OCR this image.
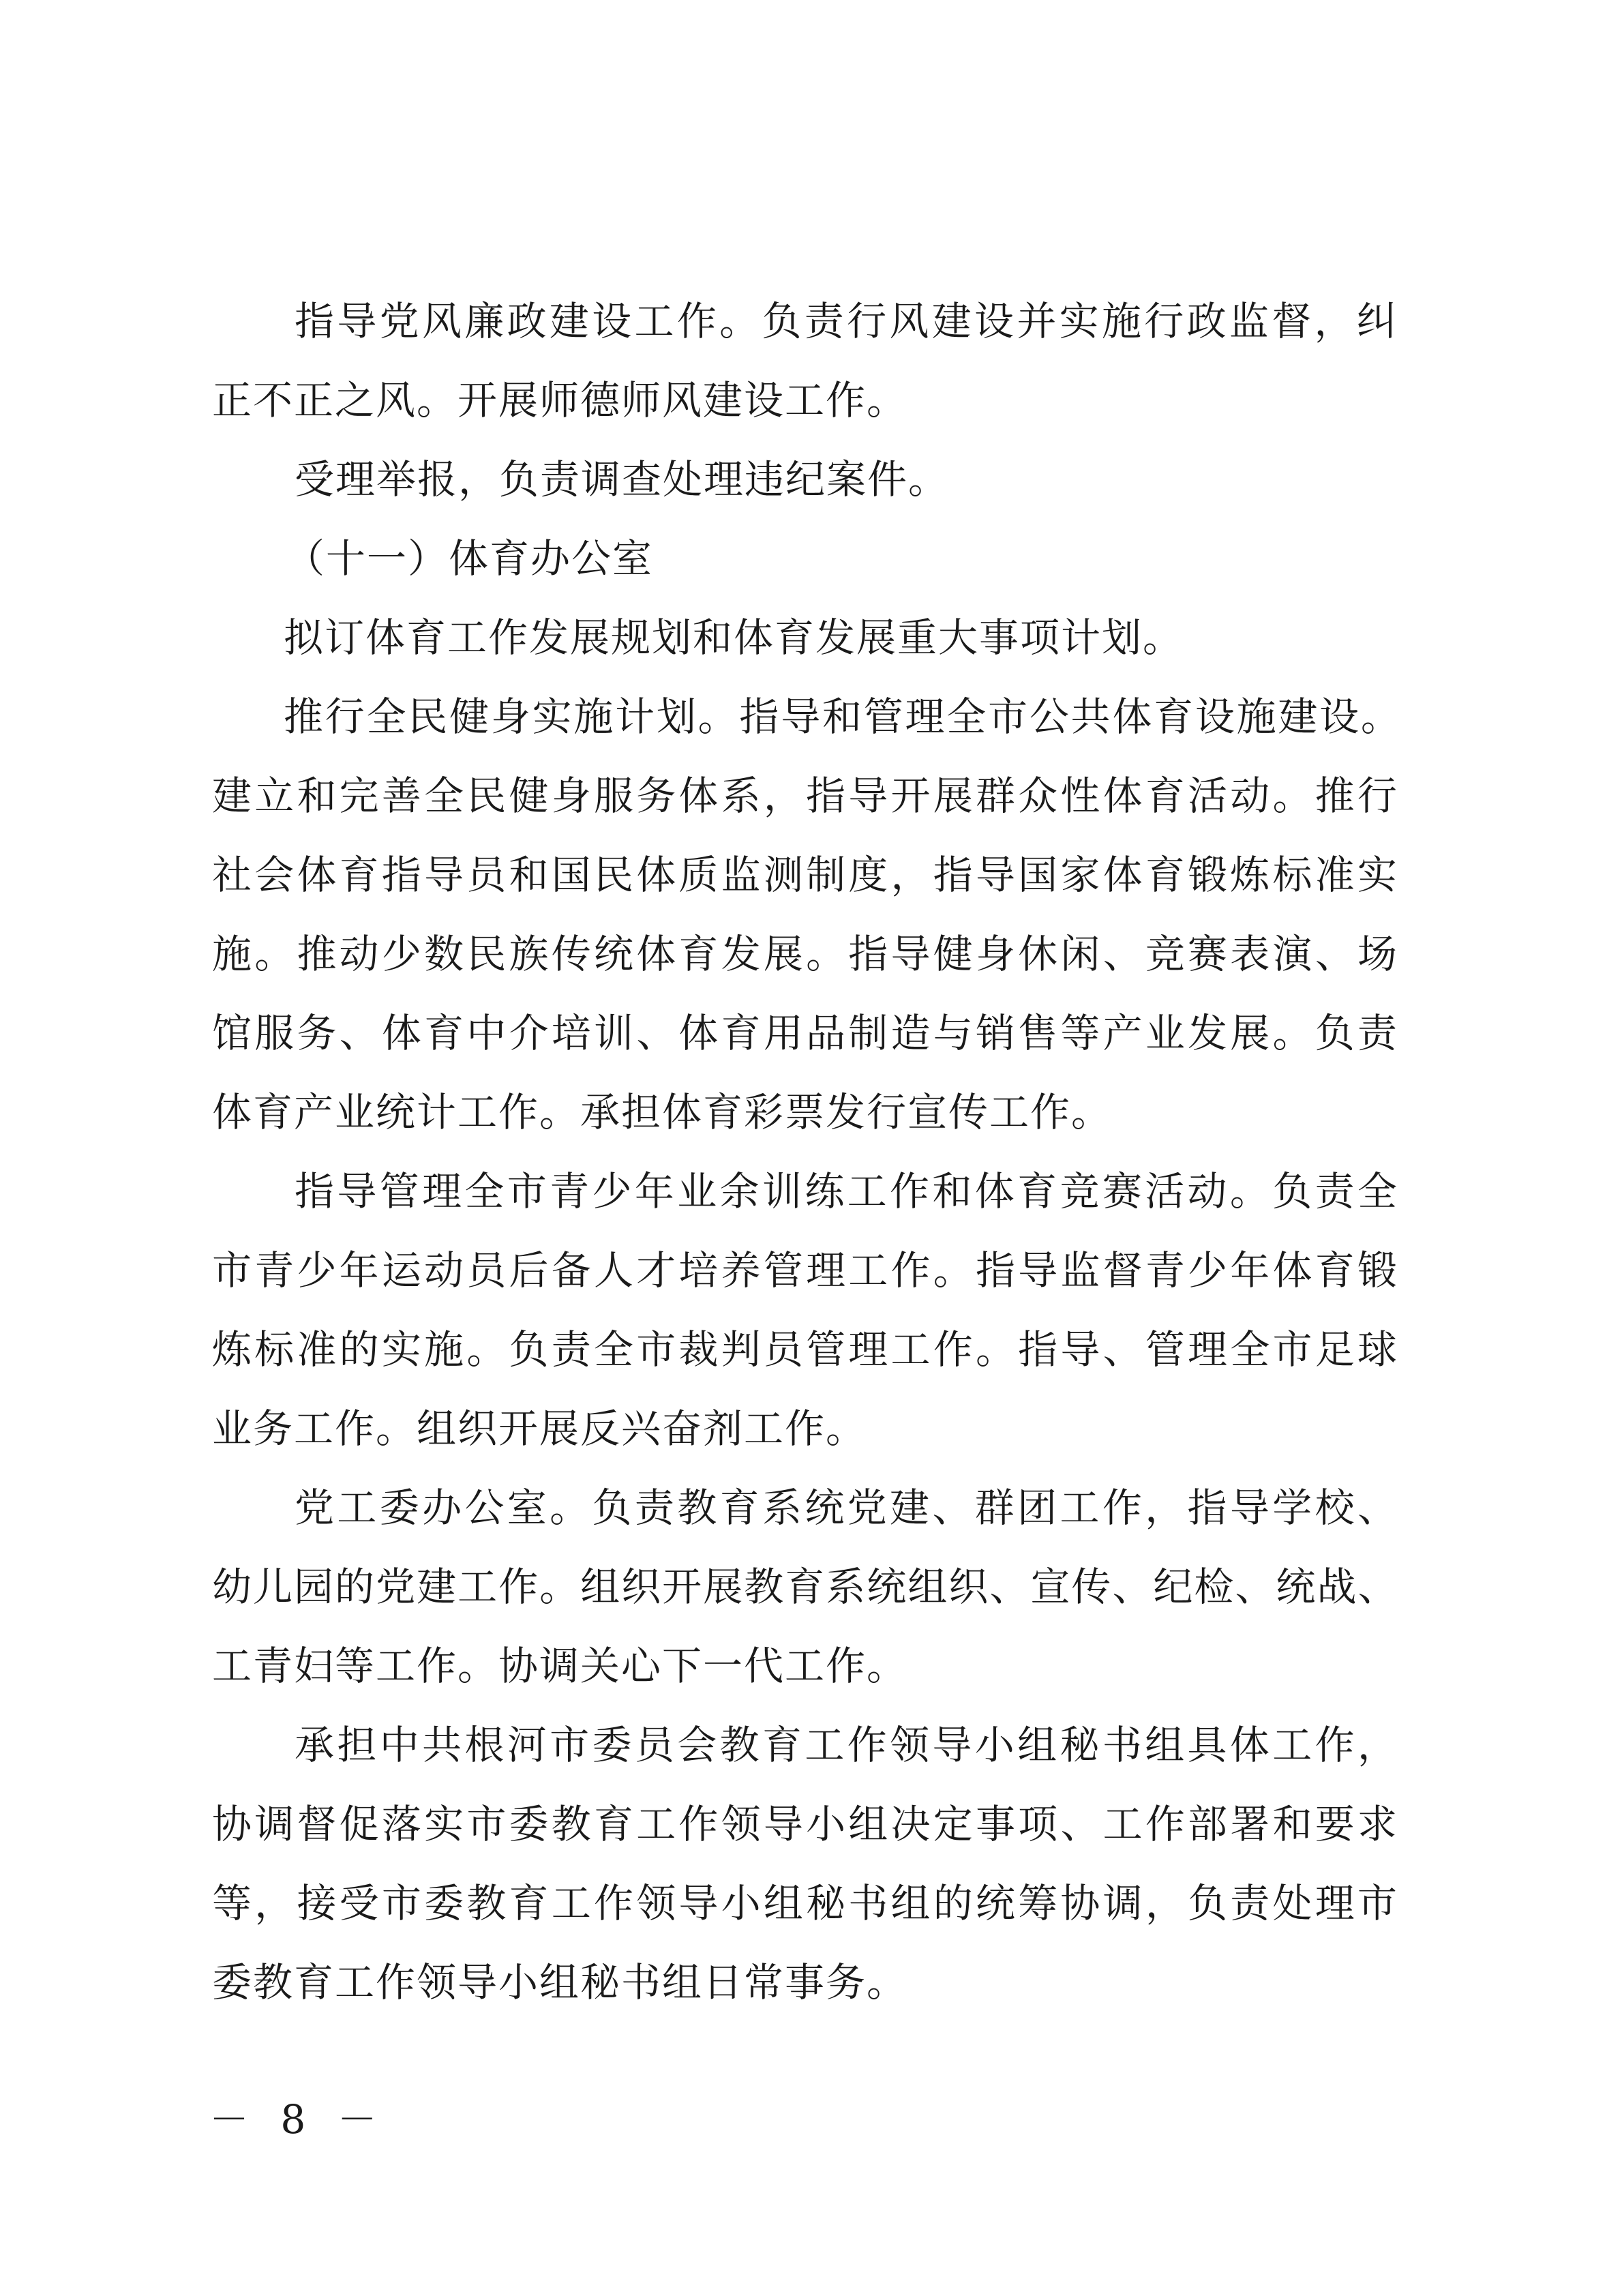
指 导 党 风 廉 政 建 设 工 作 。 负 责 行 风 建 设 并 实 施 行 政 监 督 ， 纠

正不正之风。开展师德师风建设工作。

受理举报，负责调查处理违纪案件。

（十一）体育办公室

拟订体育工作发展规划和体育发展重大事项计划。

推 行 全 民 健 身 实 施 计 划 。 指 导 和 管 理 全 市 公 共 体 育 设 施 建 设 。

建 立 和 完 善 全 民 健 身 服 务 体 系 ， 指 导 开 展 群 众 性 体 育 活 动 。 推 行

社 会 体 育 指 导 员 和 国 民 体 质 监 测 制 度 ， 指 导 国 家 体 育 锻 炼 标 准 实

施 。 推 动 少 数 民 族 传 统 体 育 发 展 。 指 导 健 身 休 闲 、 竞 赛 表 演 、 场

馆 服 务 、 体 育 中 介 培 训 、 体 育 用 品 制 造 与 销 售 等 产 业 发 展 。 负 责

体育产业统计工作。承担体育彩票发行宣传工作。

指 导 管 理 全 市 青 少 年 业 余 训 练 工 作 和 体 育 竞 赛 活 动 。 负 责 全

市 青 少 年 运 动 员 后 备 人 才 培 养 管 理 工 作 。 指 导 监 督 青 少 年 体 育 锻

炼 标 准 的 实 施 。 负 责 全 市 裁 判 员 管 理 工 作 。 指 导 、 管 理 全 市 足 球

业务工作。组织开展反兴奋剂工作。

党 工 委 办 公 室 。 负 责 教 育 系 统 党 建 、 群 团 工 作 ， 指 导 学 校 、

幼 儿 园 的 党 建 工 作 。 组 织 开 展 教 育 系 统 组 织 、 宣 传 、 纪 检 、 统 战 、

工青妇等工作。协调关心下一代工作。

承 担 中 共 根 河 市 委 员 会 教 育 工 作 领 导 小 组 秘 书 组 具 体 工 作 ，

协 调 督 促 落 实 市 委 教 育 工 作 领 导 小 组 决 定 事 项 、 工 作 部 署 和 要 求

等 ， 接 受 市 委 教 育 工 作 领 导 小 组 秘 书 组 的 统 筹 协 调 ， 负 责 处 理 市

委教育工作领导小组秘书组日常事务。

－ 8 －
